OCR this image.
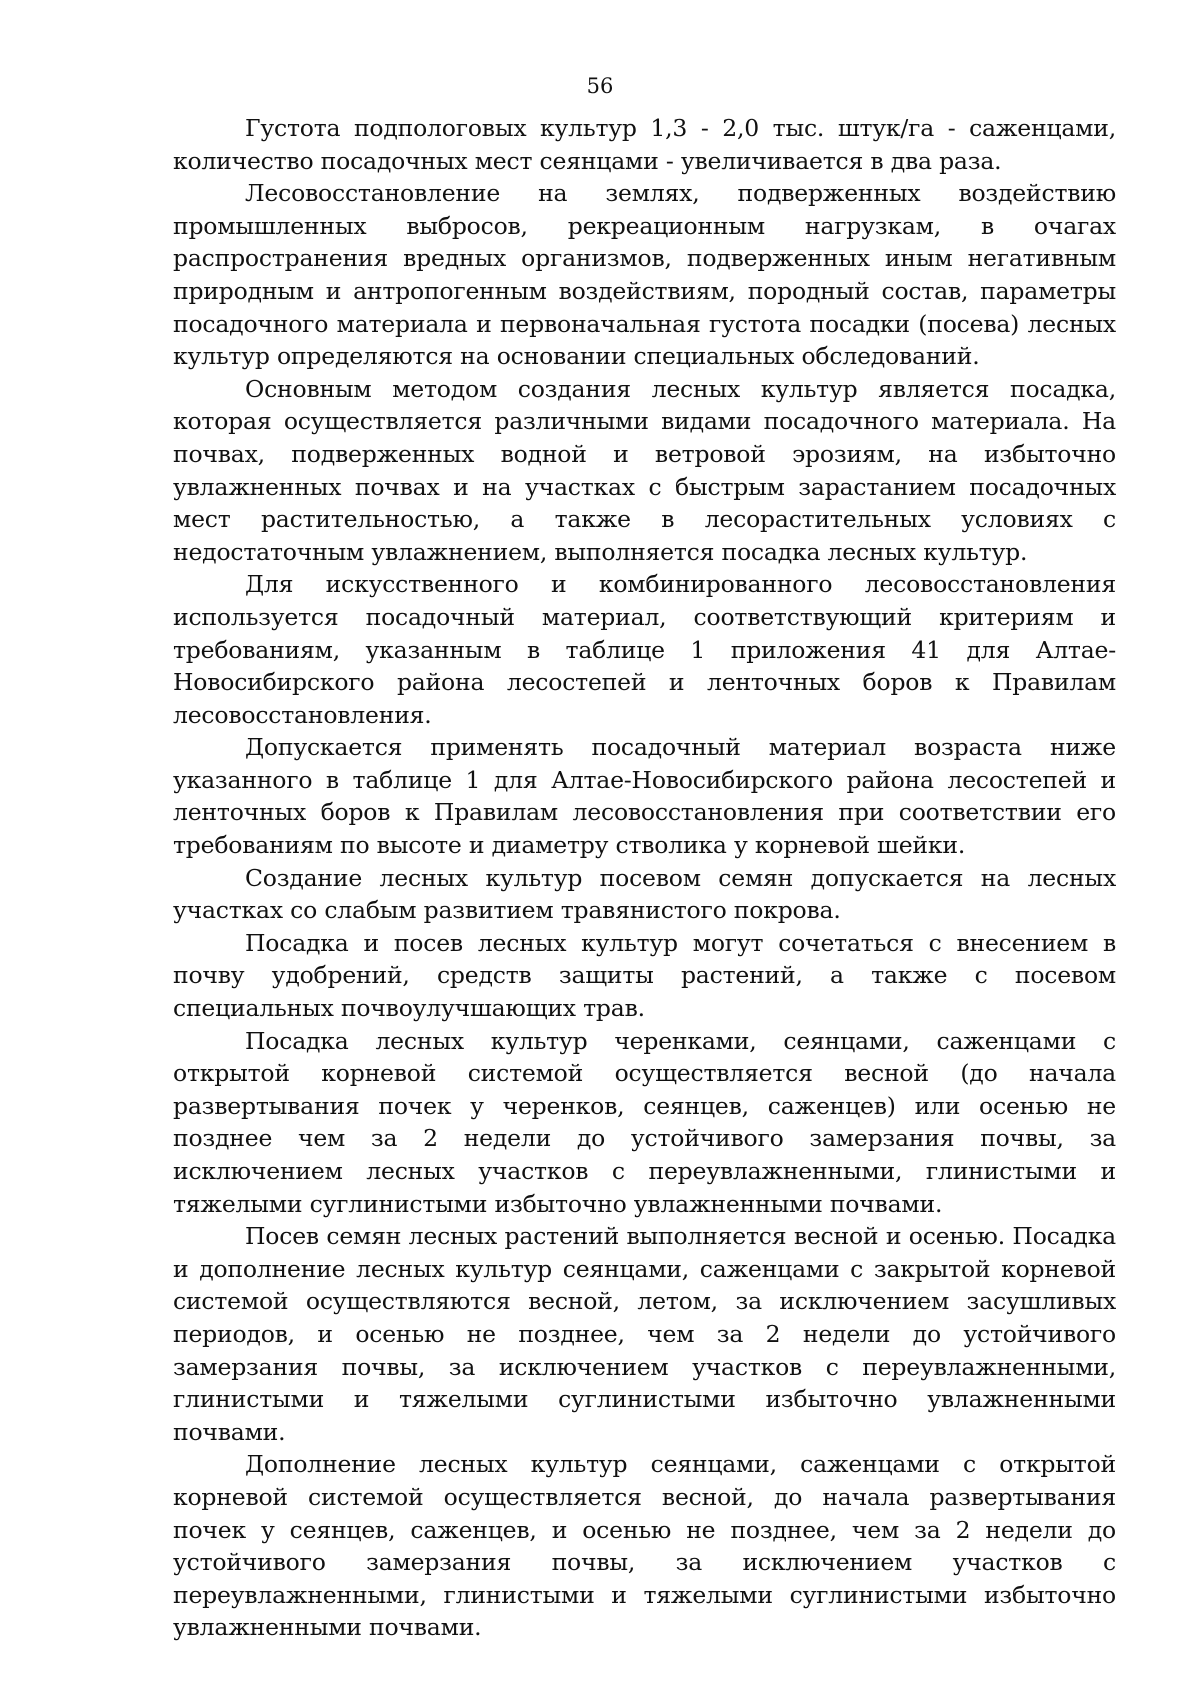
56

Густота подпологовых культур 1,3 - 2,0 тыс. штук/га - саженцами, количество посадочных мест сеянцами - увеличивается в два раза.

Лесовосстановление на землях, подверженных воздействию промышленных выбросов, рекреационным нагрузкам, в очагах распространения вредных организмов, подверженных иным негативным природным и антропогенным воздействиям, породный состав, параметры посадочного материала и первоначальная густота посадки (посева) лесных культур определяются на основании специальных обследований.

Основным методом создания лесных культур является посадка, которая осуществляется различными видами посадочного материала. На почвах, подверженных водной и ветровой эрозиям, на избыточно увлажненных почвах и на участках с быстрым зарастанием посадочных мест растительностью, а также в лесорастительных условиях с недостаточным увлажнением, выполняется посадка лесных культур.

Для искусственного и комбинированного лесовосстановления используется посадочный материал, соответствующий критериям и требованиям, указанным в таблице 1 приложения 41 для Алтае-Новосибирского района лесостепей и ленточных боров к Правилам лесовосстановления.

Допускается применять посадочный материал возраста ниже указанного в таблице 1 для Алтае-Новосибирского района лесостепей и ленточных боров к Правилам лесовосстановления при соответствии его требованиям по высоте и диаметру стволика у корневой шейки.

Создание лесных культур посевом семян допускается на лесных участках со слабым развитием травянистого покрова.

Посадка и посев лесных культур могут сочетаться с внесением в почву удобрений, средств защиты растений, а также с посевом специальных почвоулучшающих трав.

Посадка лесных культур черенками, сеянцами, саженцами с открытой корневой системой осуществляется весной (до начала развертывания почек у черенков, сеянцев, саженцев) или осенью не позднее чем за 2 недели до устойчивого замерзания почвы, за исключением лесных участков с переувлажненными, глинистыми и тяжелыми суглинистыми избыточно увлажненными почвами.

Посев семян лесных растений выполняется весной и осенью. Посадка и дополнение лесных культур сеянцами, саженцами с закрытой корневой системой осуществляются весной, летом, за исключением засушливых периодов, и осенью не позднее, чем за 2 недели до устойчивого замерзания почвы, за исключением участков с переувлажненными, глинистыми и тяжелыми суглинистыми избыточно увлажненными почвами.

Дополнение лесных культур сеянцами, саженцами с открытой корневой системой осуществляется весной, до начала развертывания почек у сеянцев, саженцев, и осенью не позднее, чем за 2 недели до устойчивого замерзания почвы, за исключением участков с переувлажненными, глинистыми и тяжелыми суглинистыми избыточно увлажненными почвами.
